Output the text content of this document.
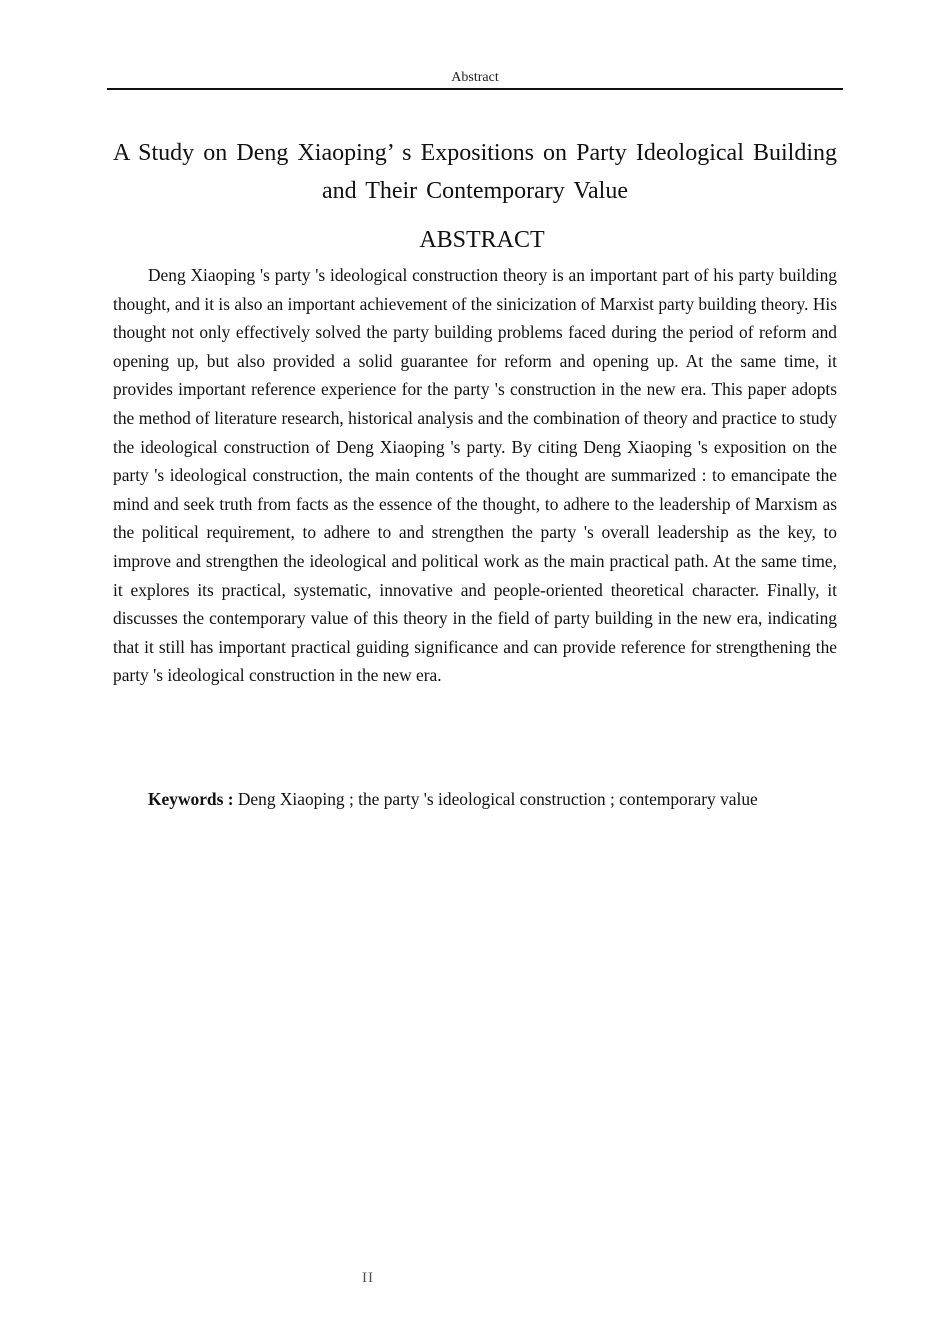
Abstract
A Study on Deng Xiaoping’ s Expositions on Party Ideological Building and Their Contemporary Value
ABSTRACT

Deng Xiaoping 's party 's ideological construction theory is an important part of his party building thought, and it is also an important achievement of the sinicization of Marxist party building theory. His thought not only effectively solved the party building problems faced during the period of reform and opening up, but also provided a solid guarantee for reform and opening up. At the same time, it provides important reference experience for the party 's construction in the new era. This paper adopts the method of literature research, historical analysis and the combination of theory and practice to study the ideological construction of Deng Xiaoping 's party. By citing Deng Xiaoping 's exposition on the party 's ideological construction, the main contents of the thought are summarized : to emancipate the mind and seek truth from facts as the essence of the thought, to adhere to the leadership of Marxism as the political requirement, to adhere to and strengthen the party 's overall leadership as the key, to improve and strengthen the ideological and political work as the main practical path. At the same time, it explores its practical, systematic, innovative and people-oriented theoretical character. Finally, it discusses the contemporary value of this theory in the field of party building in the new era, indicating that it still has important practical guiding significance and can provide reference for strengthening the party 's ideological construction in the new era.

Keywords : Deng Xiaoping ; the party 's ideological construction ; contemporary value

II
